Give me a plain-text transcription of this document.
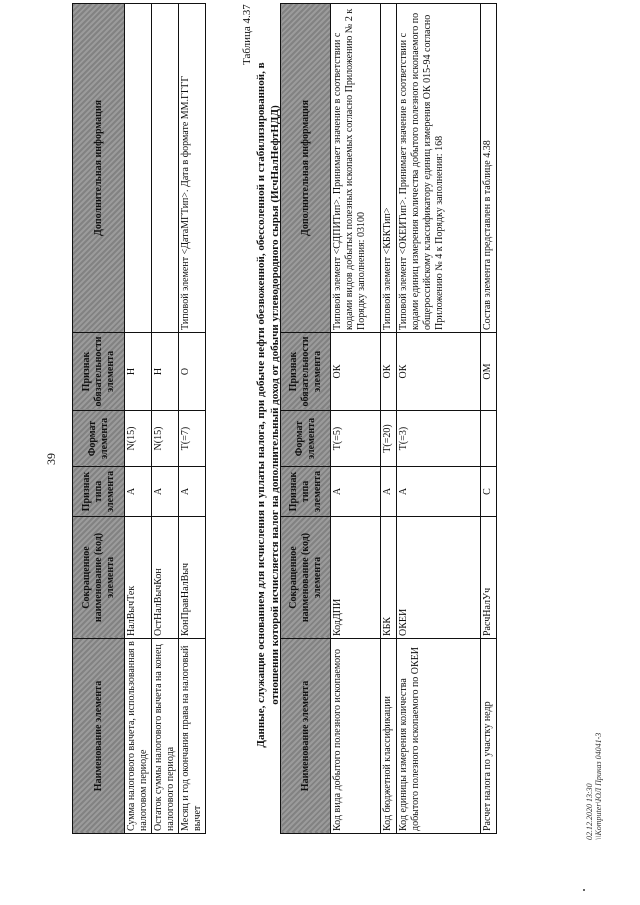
39
Наименование элемента	Сокращенное наименование (код) элемента	Признак типа элемента	Формат элемента	Признак обязательности элемента	Дополнительная информация
Сумма налогового вычета, использованная в налоговом периоде	НалВычТек	А	N(15)	Н	
Остаток суммы налогового вычета на конец налогового периода	ОстНалВычКон	А	N(15)	Н	
Месяц и год окончания права на налоговый вычет	КонПравНалВыч	А	T(=7)	О	Типовой элемент <ДатаМГТип>. Дата в формате ММ.ГГГГ
Таблица 4.37
Данные, служащие основанием для исчисления и уплаты налога, при добыче нефти обезвоженной, обессоленной и стабилизированной, в отношении которой исчисляется налог на дополнительный доход от добычи углеводородного сырья (ИсчНалНефтНДД)
Наименование элемента	Сокращенное наименование (код) элемента	Признак типа элемента	Формат элемента	Признак обязательности элемента	Дополнительная информация
Код вида добытого полезного ископаемого	КодДПИ	А	T(=5)	ОК	Типовой элемент <СДПИТип>. Принимает значение в соответствии с кодами видов добытых полезных ископаемых согласно Приложению № 2 к Порядку заполнения: 03100
Код бюджетной классификации	КБК	А	T(=20)	ОК	Типовой элемент <КБКТип>
Код единицы измерения количества добытого полезного ископаемого по ОКЕИ	ОКЕИ	А	T(=3)	ОК	Типовой элемент <ОКЕИТип>. Принимает значение в соответствии с кодами единиц измерения количества добытого полезного ископаемого по общероссийскому классификатору единиц измерения ОК 015-94 согласно Приложению № 4 к Порядку заполнения: 168
Расчет налога по участку недр	РасчНалУч	С		ОМ	Состав элемента представлен в таблице 4.38
02.12.2020 13:30 \\Komputer\ЮЛ Приказ 04041-3
